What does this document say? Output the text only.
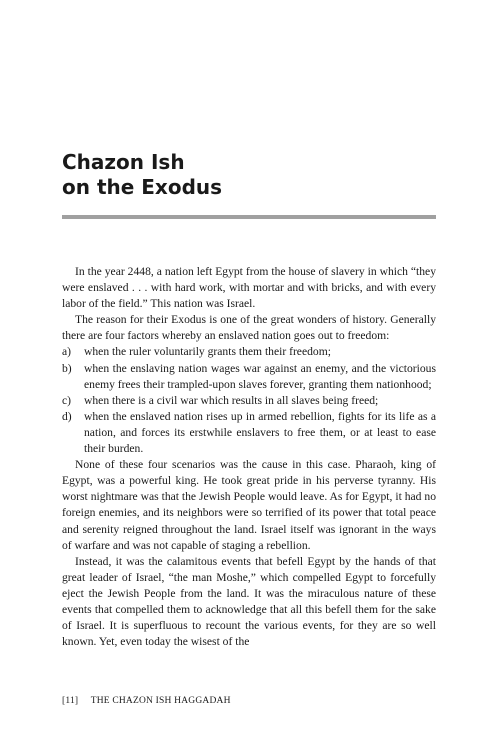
Chazon Ish
on the Exodus

In the year 2448, a nation left Egypt from the house of slavery in which “they were enslaved . . . with hard work, with mortar and with bricks, and with every labor of the field.” This nation was Israel.

The reason for their Exodus is one of the great wonders of history. Generally there are four factors whereby an enslaved nation goes out to freedom:

a) when the ruler voluntarily grants them their freedom;
b) when the enslaving nation wages war against an enemy, and the victorious enemy frees their trampled-upon slaves forever, granting them nationhood;
c) when there is a civil war which results in all slaves being freed;
d) when the enslaved nation rises up in armed rebellion, fights for its life as a nation, and forces its erstwhile enslavers to free them, or at least to ease their burden.

None of these four scenarios was the cause in this case. Pharaoh, king of Egypt, was a powerful king. He took great pride in his perverse tyranny. His worst nightmare was that the Jewish People would leave. As for Egypt, it had no foreign enemies, and its neighbors were so terrified of its power that total peace and serenity reigned throughout the land. Israel itself was ignorant in the ways of warfare and was not capable of staging a rebellion.

Instead, it was the calamitous events that befell Egypt by the hands of that great leader of Israel, “the man Moshe,” which compelled Egypt to forcefully eject the Jewish People from the land. It was the miraculous nature of these events that compelled them to acknowledge that all this befell them for the sake of Israel. It is superfluous to recount the various events, for they are so well known. Yet, even today the wisest of the

[11] THE CHAZON ISH HAGGADAH
